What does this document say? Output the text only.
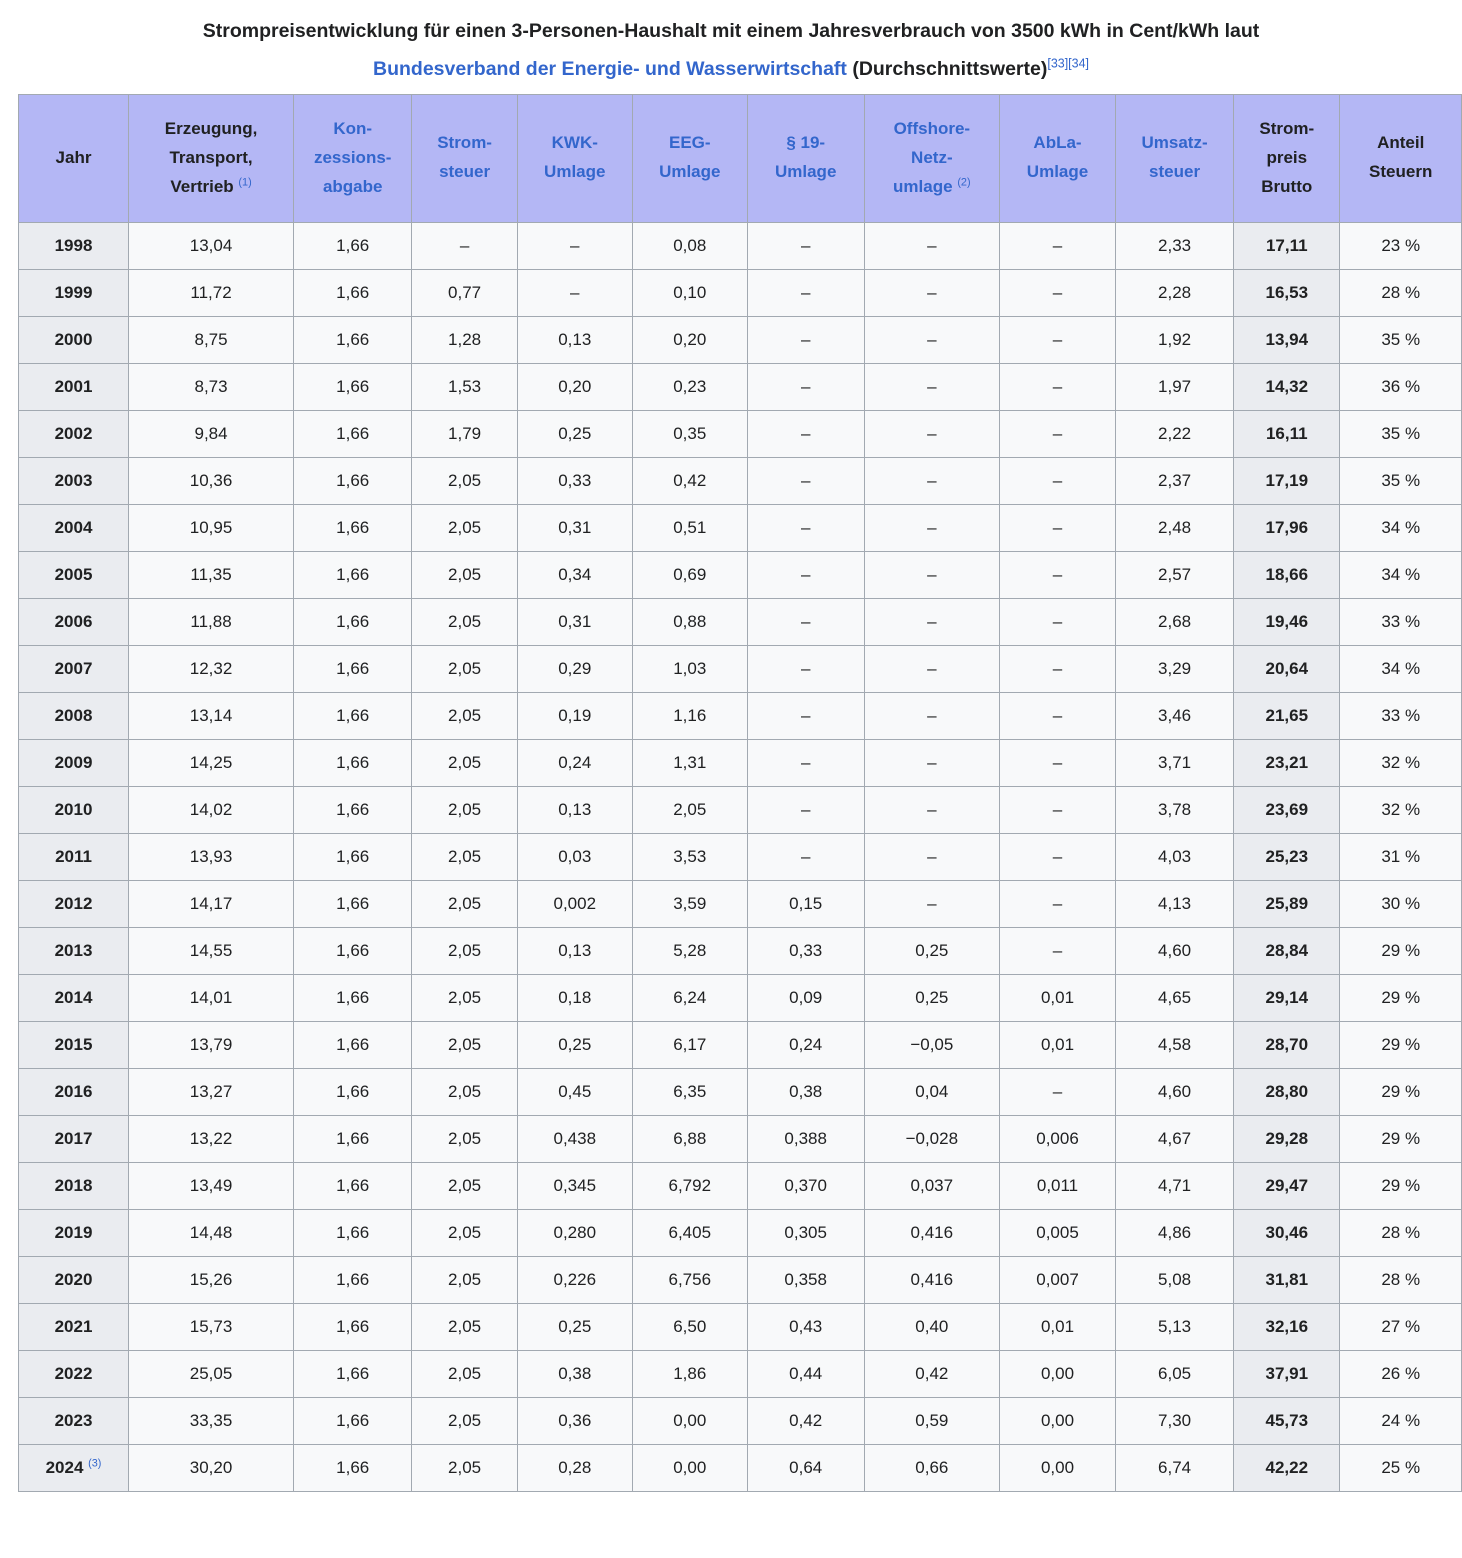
Strompreisentwicklung für einen 3-Personen-Haushalt mit einem Jahresverbrauch von 3500 kWh in Cent/kWh laut
Bundesverband der Energie- und Wasserwirtschaft (Durchschnittswerte)[33][34]
Jahr	Erzeugung,
Transport,
Vertrieb $^{(1)}$	Kon-
zessions-
abgabe	Strom-
steuer	KWK-
Umlage	EEG-
Umlage	§ 19-
Umlage	Offshore-
Netz-
umlage $^{(2)}$	AbLa-
Umlage	Umsatz-
steuer	Strom-
preis
Brutto	Anteil
Steuern
1998	13,04	1,66	–	–	0,08	–	–	–	2,33	17,11	23 %
1999	11,72	1,66	0,77	–	0,10	–	–	–	2,28	16,53	28 %
2000	8,75	1,66	1,28	0,13	0,20	–	–	–	1,92	13,94	35 %
2001	8,73	1,66	1,53	0,20	0,23	–	–	–	1,97	14,32	36 %
2002	9,84	1,66	1,79	0,25	0,35	–	–	–	2,22	16,11	35 %
2003	10,36	1,66	2,05	0,33	0,42	–	–	–	2,37	17,19	35 %
2004	10,95	1,66	2,05	0,31	0,51	–	–	–	2,48	17,96	34 %
2005	11,35	1,66	2,05	0,34	0,69	–	–	–	2,57	18,66	34 %
2006	11,88	1,66	2,05	0,31	0,88	–	–	–	2,68	19,46	33 %
2007	12,32	1,66	2,05	0,29	1,03	–	–	–	3,29	20,64	34 %
2008	13,14	1,66	2,05	0,19	1,16	–	–	–	3,46	21,65	33 %
2009	14,25	1,66	2,05	0,24	1,31	–	–	–	3,71	23,21	32 %
2010	14,02	1,66	2,05	0,13	2,05	–	–	–	3,78	23,69	32 %
2011	13,93	1,66	2,05	0,03	3,53	–	–	–	4,03	25,23	31 %
2012	14,17	1,66	2,05	0,002	3,59	0,15	–	–	4,13	25,89	30 %
2013	14,55	1,66	2,05	0,13	5,28	0,33	0,25	–	4,60	28,84	29 %
2014	14,01	1,66	2,05	0,18	6,24	0,09	0,25	0,01	4,65	29,14	29 %
2015	13,79	1,66	2,05	0,25	6,17	0,24	−0,05	0,01	4,58	28,70	29 %
2016	13,27	1,66	2,05	0,45	6,35	0,38	0,04	–	4,60	28,80	29 %
2017	13,22	1,66	2,05	0,438	6,88	0,388	−0,028	0,006	4,67	29,28	29 %
2018	13,49	1,66	2,05	0,345	6,792	0,370	0,037	0,011	4,71	29,47	29 %
2019	14,48	1,66	2,05	0,280	6,405	0,305	0,416	0,005	4,86	30,46	28 %
2020	15,26	1,66	2,05	0,226	6,756	0,358	0,416	0,007	5,08	31,81	28 %
2021	15,73	1,66	2,05	0,25	6,50	0,43	0,40	0,01	5,13	32,16	27 %
2022	25,05	1,66	2,05	0,38	1,86	0,44	0,42	0,00	6,05	37,91	26 %
2023	33,35	1,66	2,05	0,36	0,00	0,42	0,59	0,00	7,30	45,73	24 %
2024 $^{(3)}$	30,20	1,66	2,05	0,28	0,00	0,64	0,66	0,00	6,74	42,22	25 %
